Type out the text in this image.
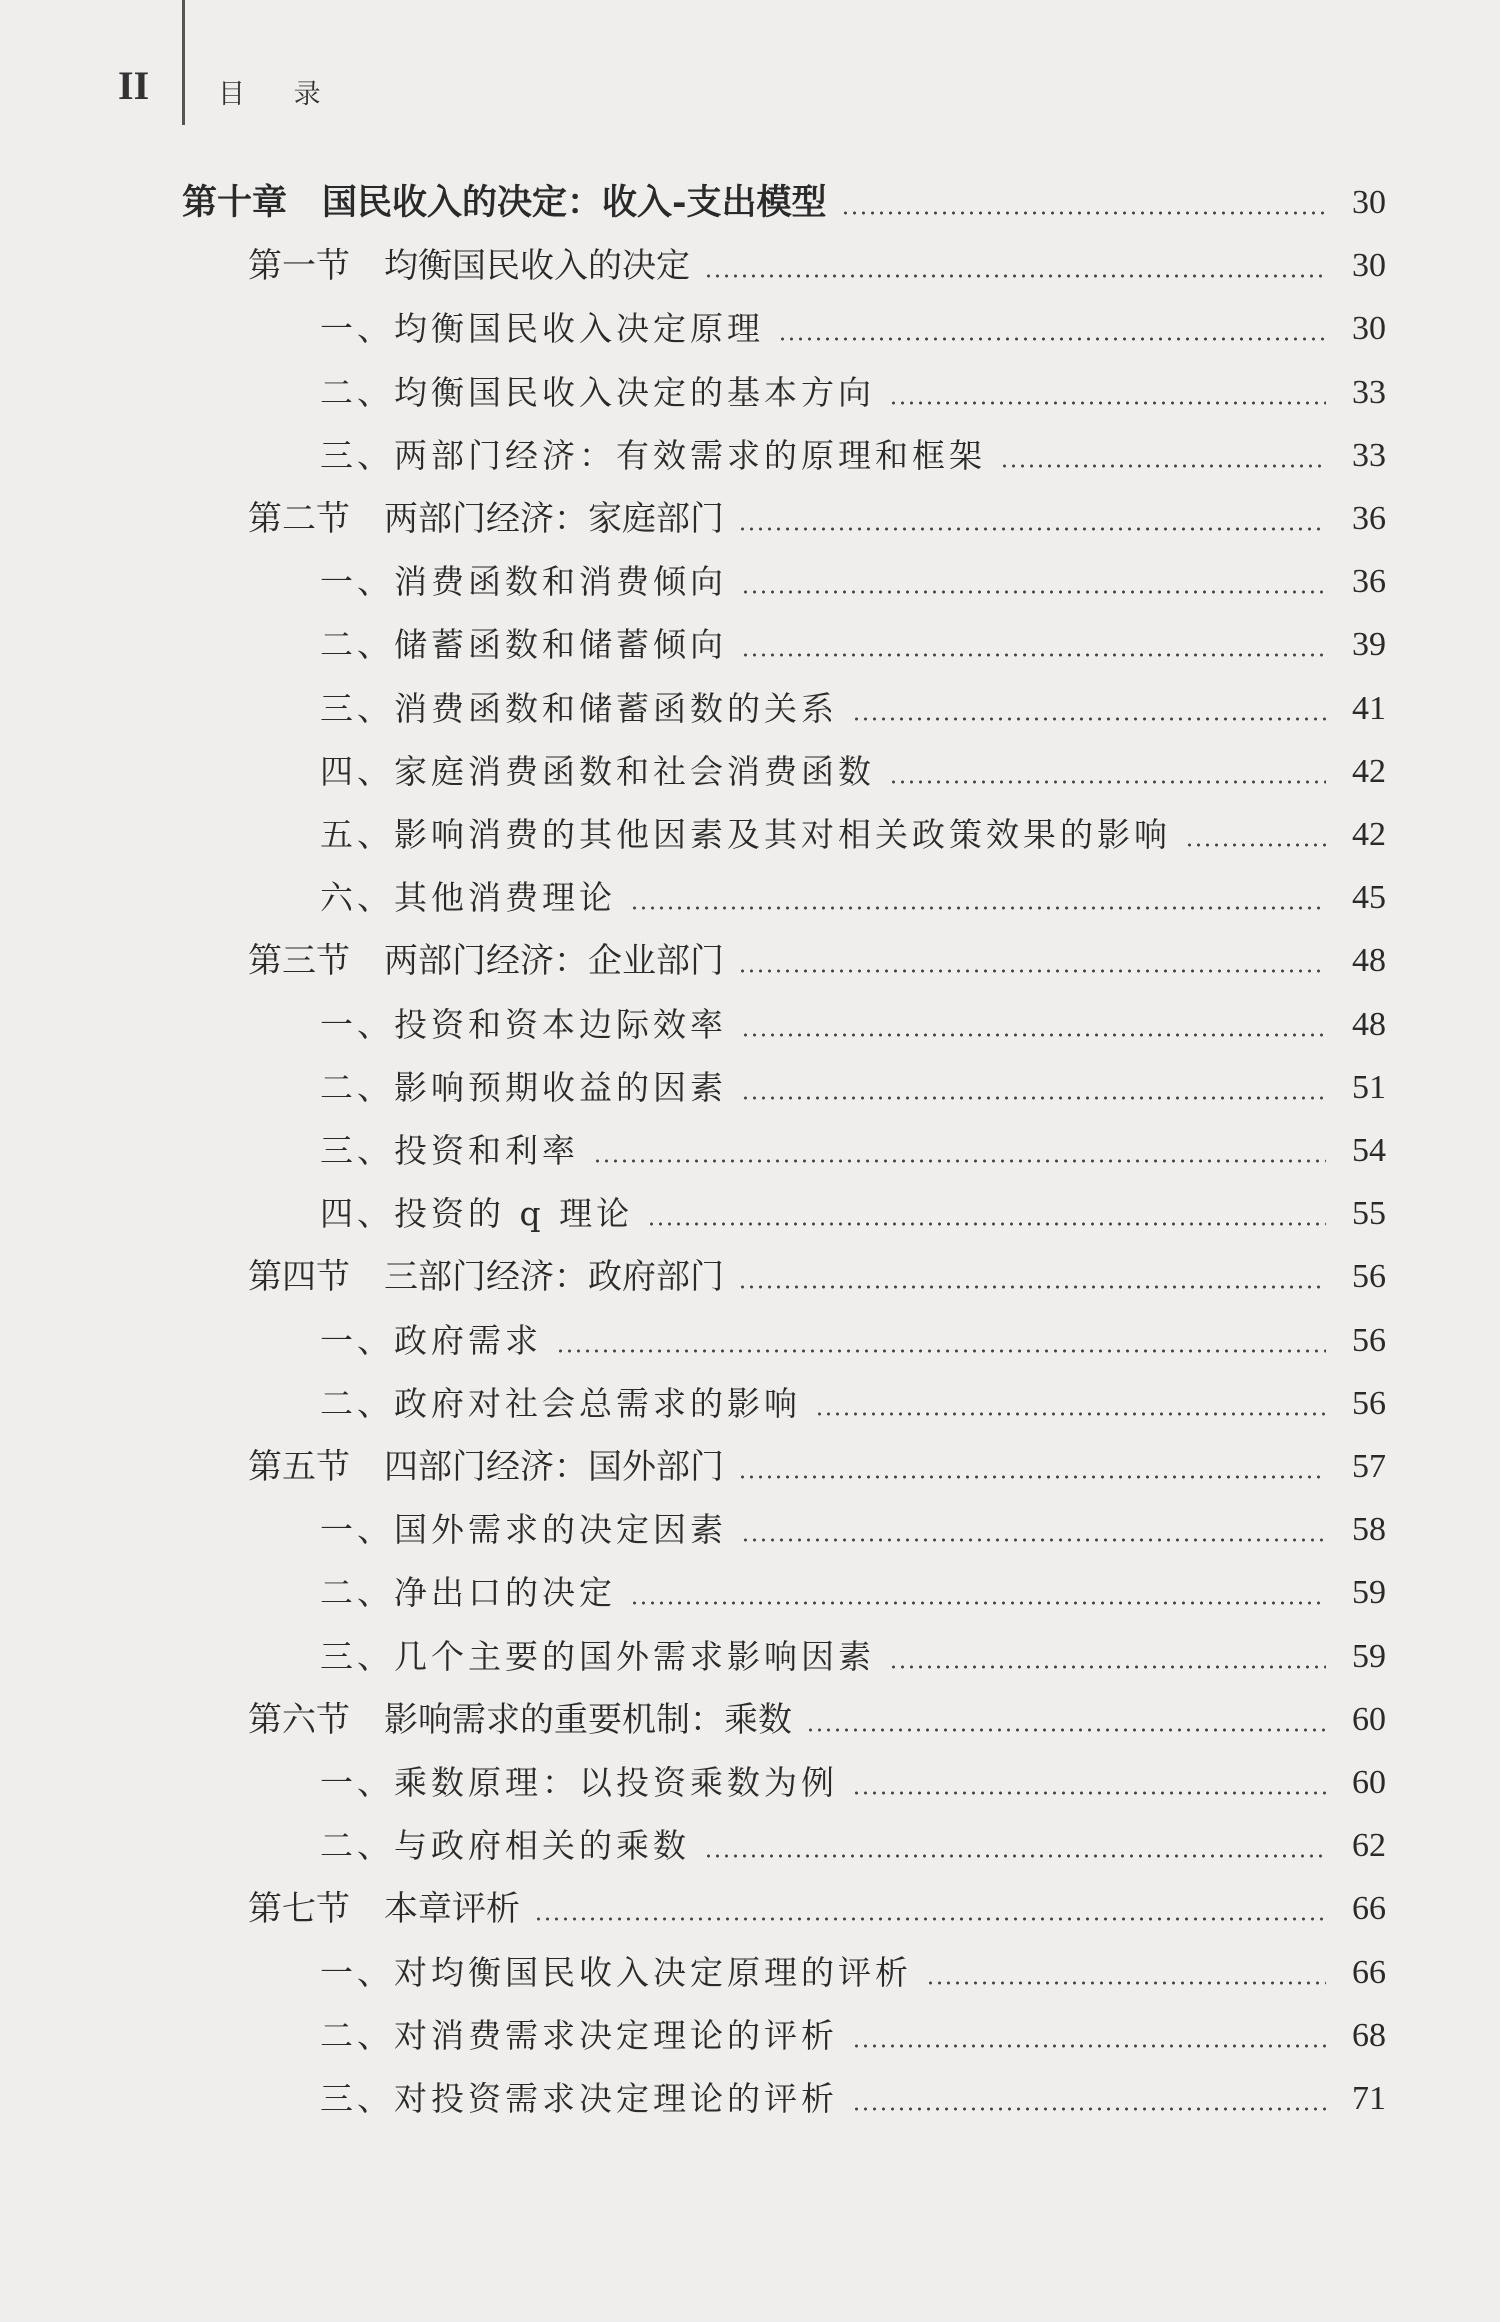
II	目 录
第十章 国民收入的决定：收入-支出模型	30
第一节 均衡国民收入的决定	30
一、均衡国民收入决定原理	30
二、均衡国民收入决定的基本方向	33
三、两部门经济：有效需求的原理和框架	33
第二节 两部门经济：家庭部门	36
一、消费函数和消费倾向	36
二、储蓄函数和储蓄倾向	39
三、消费函数和储蓄函数的关系	41
四、家庭消费函数和社会消费函数	42
五、影响消费的其他因素及其对相关政策效果的影响	42
六、其他消费理论	45
第三节 两部门经济：企业部门	48
一、投资和资本边际效率	48
二、影响预期收益的因素	51
三、投资和利率	54
四、投资的 q 理论	55
第四节 三部门经济：政府部门	56
一、政府需求	56
二、政府对社会总需求的影响	56
第五节 四部门经济：国外部门	57
一、国外需求的决定因素	58
二、净出口的决定	59
三、几个主要的国外需求影响因素	59
第六节 影响需求的重要机制：乘数	60
一、乘数原理：以投资乘数为例	60
二、与政府相关的乘数	62
第七节 本章评析	66
一、对均衡国民收入决定原理的评析	66
二、对消费需求决定理论的评析	68
三、对投资需求决定理论的评析	71
